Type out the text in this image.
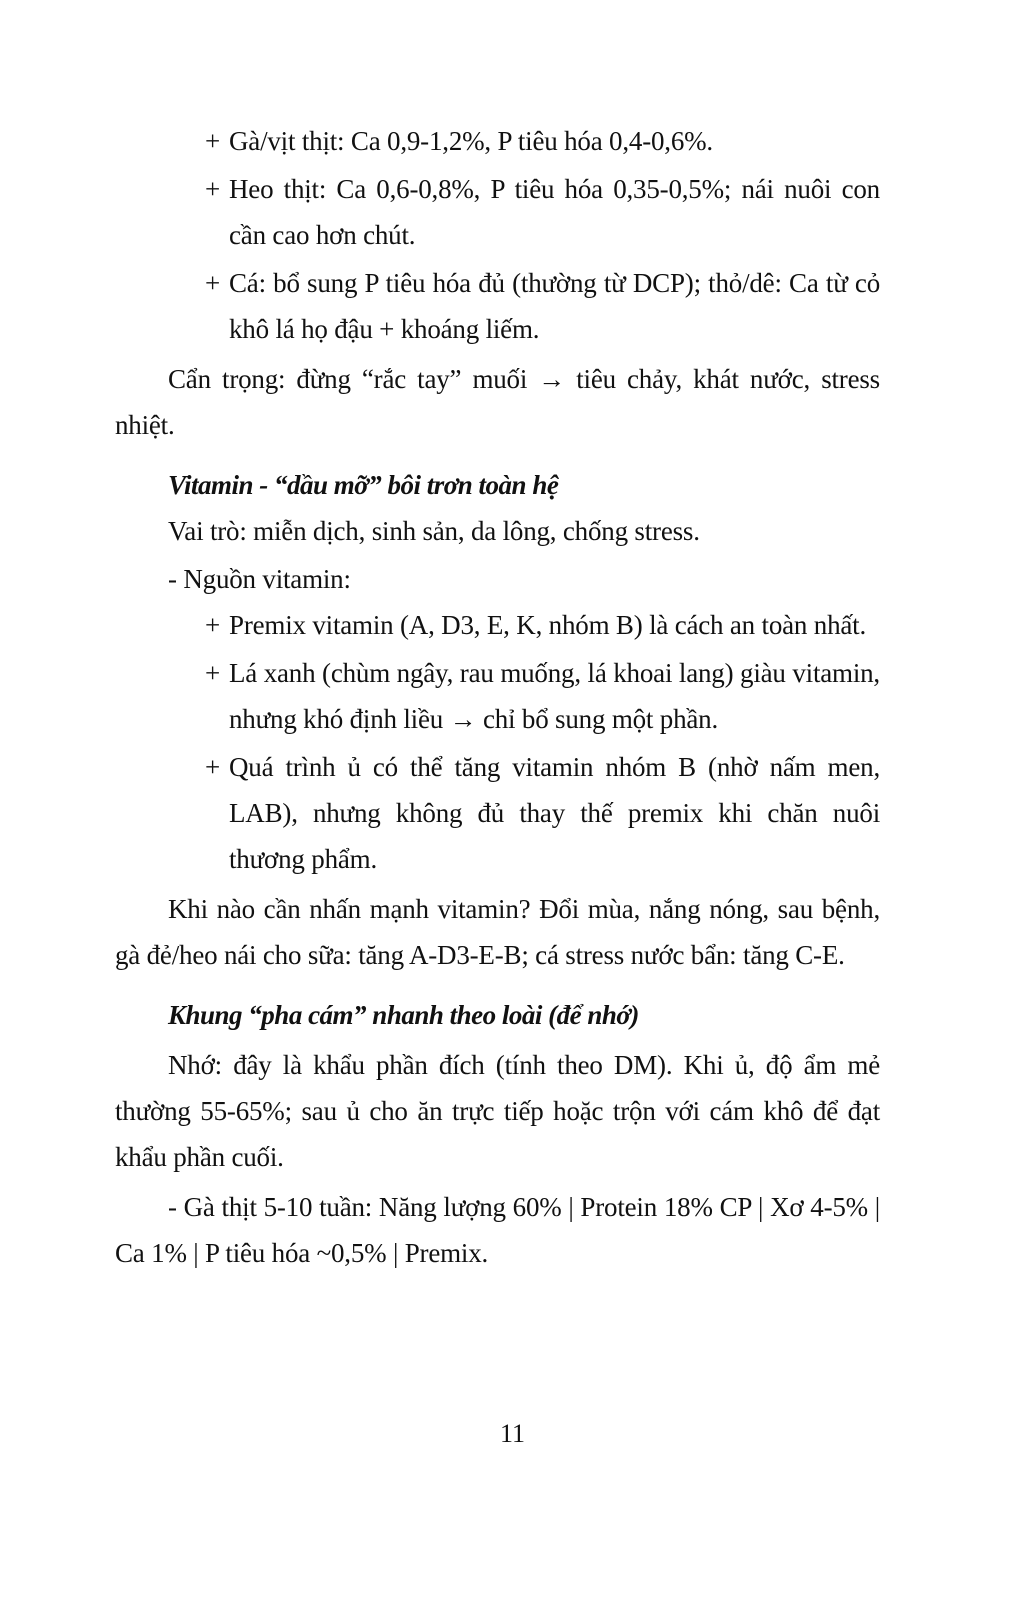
+ Gà/vịt thịt: Ca 0,9-1,2%, P tiêu hóa 0,4-0,6%.

+ Heo thịt: Ca 0,6-0,8%, P tiêu hóa 0,35-0,5%; nái nuôi con cần cao hơn chút.

+ Cá: bổ sung P tiêu hóa đủ (thường từ DCP); thỏ/dê: Ca từ cỏ khô lá họ đậu + khoáng liếm.

Cẩn trọng: đừng “rắc tay” muối → tiêu chảy, khát nước, stress nhiệt.

Vitamin - “dầu mỡ” bôi trơn toàn hệ

Vai trò: miễn dịch, sinh sản, da lông, chống stress.

- Nguồn vitamin:

+ Premix vitamin (A, D3, E, K, nhóm B) là cách an toàn nhất.

+ Lá xanh (chùm ngây, rau muống, lá khoai lang) giàu vitamin, nhưng khó định liều → chỉ bổ sung một phần.

+ Quá trình ủ có thể tăng vitamin nhóm B (nhờ nấm men, LAB), nhưng không đủ thay thế premix khi chăn nuôi thương phẩm.

Khi nào cần nhấn mạnh vitamin? Đổi mùa, nắng nóng, sau bệnh, gà đẻ/heo nái cho sữa: tăng A-D3-E-B; cá stress nước bẩn: tăng C-E.

Khung “pha cám” nhanh theo loài (để nhớ)

Nhớ: đây là khẩu phần đích (tính theo DM). Khi ủ, độ ẩm mẻ thường 55-65%; sau ủ cho ăn trực tiếp hoặc trộn với cám khô để đạt khẩu phần cuối.

- Gà thịt 5-10 tuần: Năng lượng 60% | Protein 18% CP | Xơ 4-5% | Ca 1% | P tiêu hóa ~0,5% | Premix.

11
